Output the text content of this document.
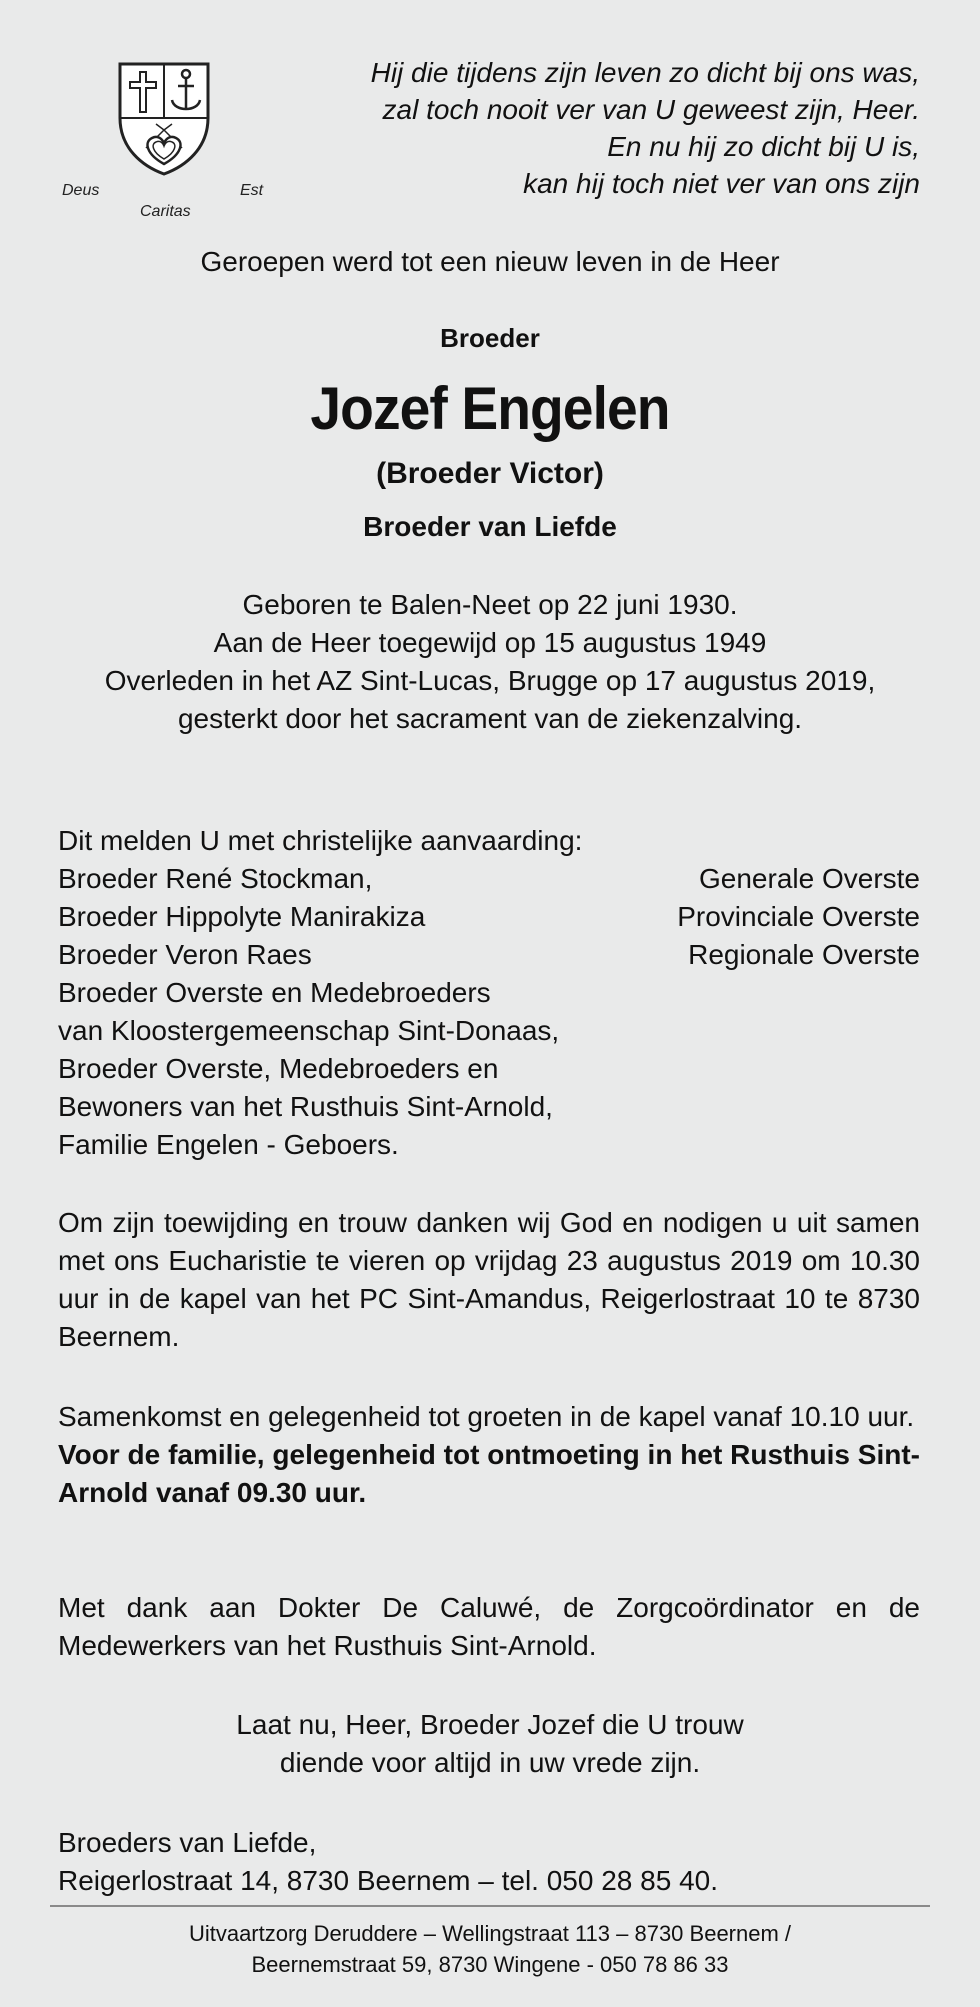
Deus
Caritas
Est
Hij die tijdens zijn leven zo dicht bij ons was,
zal toch nooit ver van U geweest zijn, Heer.
En nu hij zo dicht bij U is,
kan hij toch niet ver van ons zijn
Geroepen werd tot een nieuw leven in de Heer
Broeder
Jozef Engelen
(Broeder Victor)
Broeder van Liefde
Geboren te Balen-Neet op 22 juni 1930.
Aan de Heer toegewijd op 15 augustus 1949
Overleden in het AZ Sint-Lucas, Brugge op 17 augustus 2019,
gesterkt door het sacrament van de ziekenzalving.
Dit melden U met christelijke aanvaarding:
Broeder René Stockman,	Generale Overste
Broeder Hippolyte Manirakiza	Provinciale Overste
Broeder Veron Raes	Regionale Overste
Broeder Overste en Medebroeders
van Kloostergemeenschap Sint-Donaas,
Broeder Overste, Medebroeders en
Bewoners van het Rusthuis Sint-Arnold,
Familie Engelen - Geboers.
Om zijn toewijding en trouw danken wij God en nodigen u uit samen met ons Eucharistie te vieren op vrijdag 23 augustus 2019 om 10.30 uur in de kapel van het PC Sint-Amandus, Reigerlostraat 10 te 8730 Beernem.
Samenkomst en gelegenheid tot groeten in de kapel vanaf 10.10 uur.
Voor de familie, gelegenheid tot ontmoeting in het Rusthuis Sint-Arnold vanaf 09.30 uur.
Met dank aan Dokter De Caluwé, de Zorgcoördinator en de Medewerkers van het Rusthuis Sint-Arnold.
Laat nu, Heer, Broeder Jozef die U trouw
diende voor altijd in uw vrede zijn.
Broeders van Liefde,
Reigerlostraat 14, 8730 Beernem – tel. 050 28 85 40.
Uitvaartzorg Deruddere – Wellingstraat 113 – 8730 Beernem /
Beernemstraat 59, 8730 Wingene - 050 78 86 33
